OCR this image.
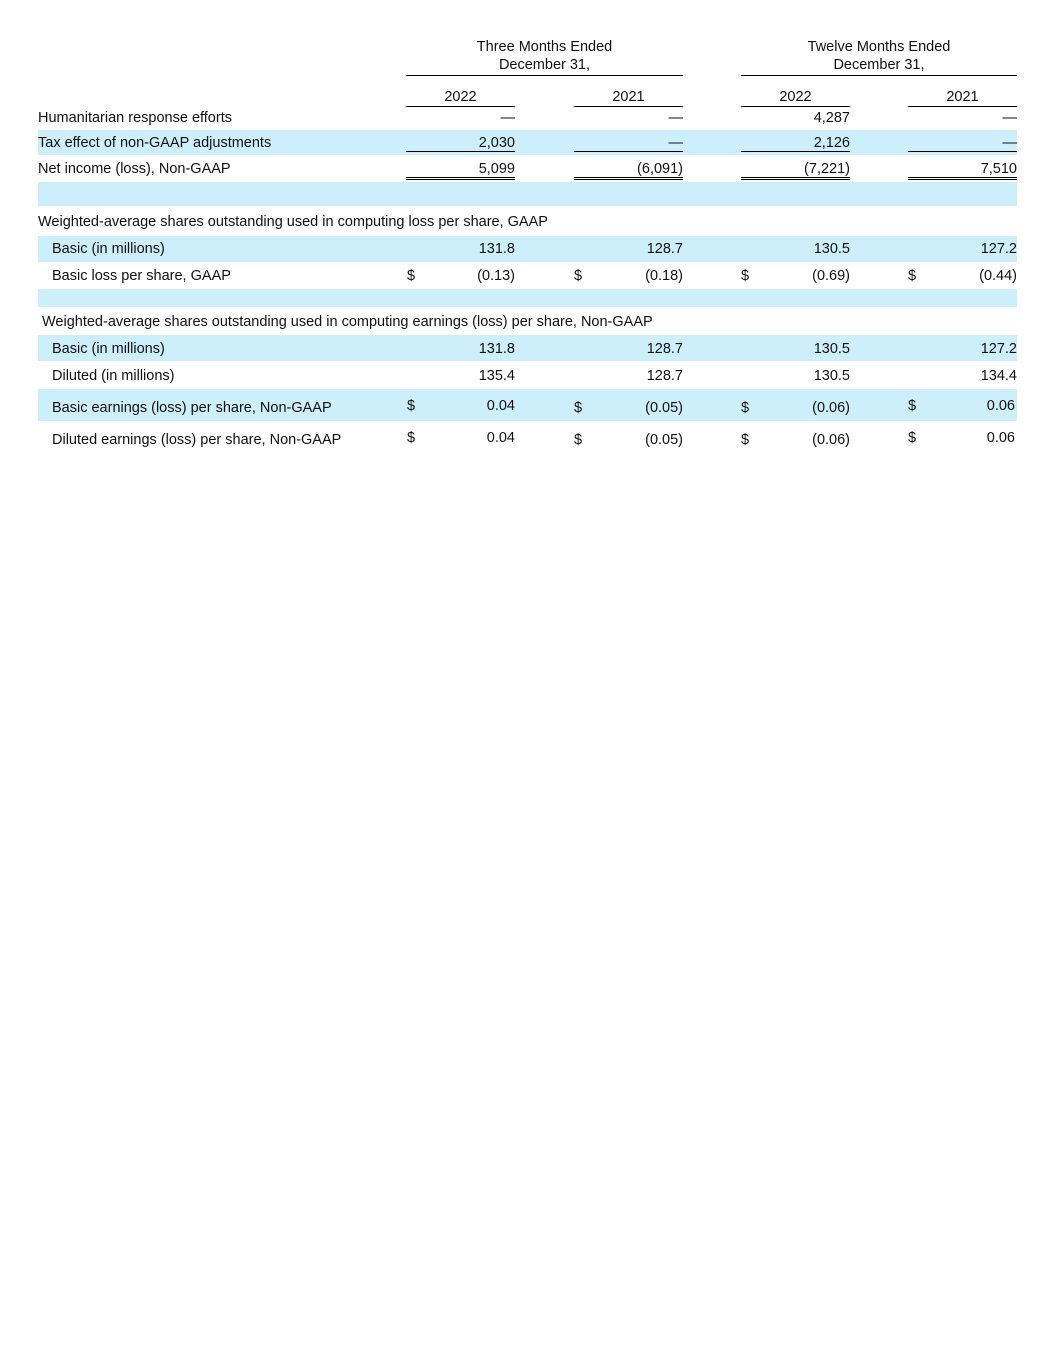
Three Months Ended
December 31,
Twelve Months Ended
December 31,
2022	2021	2022	2021
Humanitarian response efforts	—	—	4,287	—
Tax effect of non-GAAP adjustments	2,030	—	2,126	—
Net income (loss), Non-GAAP	5,099	(6,091)	(7,221)	7,510
Weighted-average shares outstanding used in computing loss per share, GAAP
Basic (in millions)	131.8	128.7	130.5	127.2
Basic loss per share, GAAP	$	(0.13)	$	(0.18)	$	(0.69)	$	(0.44)
Weighted-average shares outstanding used in computing earnings (loss) per share, Non-GAAP
Basic (in millions)	131.8	128.7	130.5	127.2
Diluted (in millions)	135.4	128.7	130.5	134.4
Basic earnings (loss) per share, Non-GAAP	$	0.04	$	(0.05)	$	(0.06)	$	0.06
Diluted earnings (loss) per share, Non-GAAP	$	0.04	$	(0.05)	$	(0.06)	$	0.06
